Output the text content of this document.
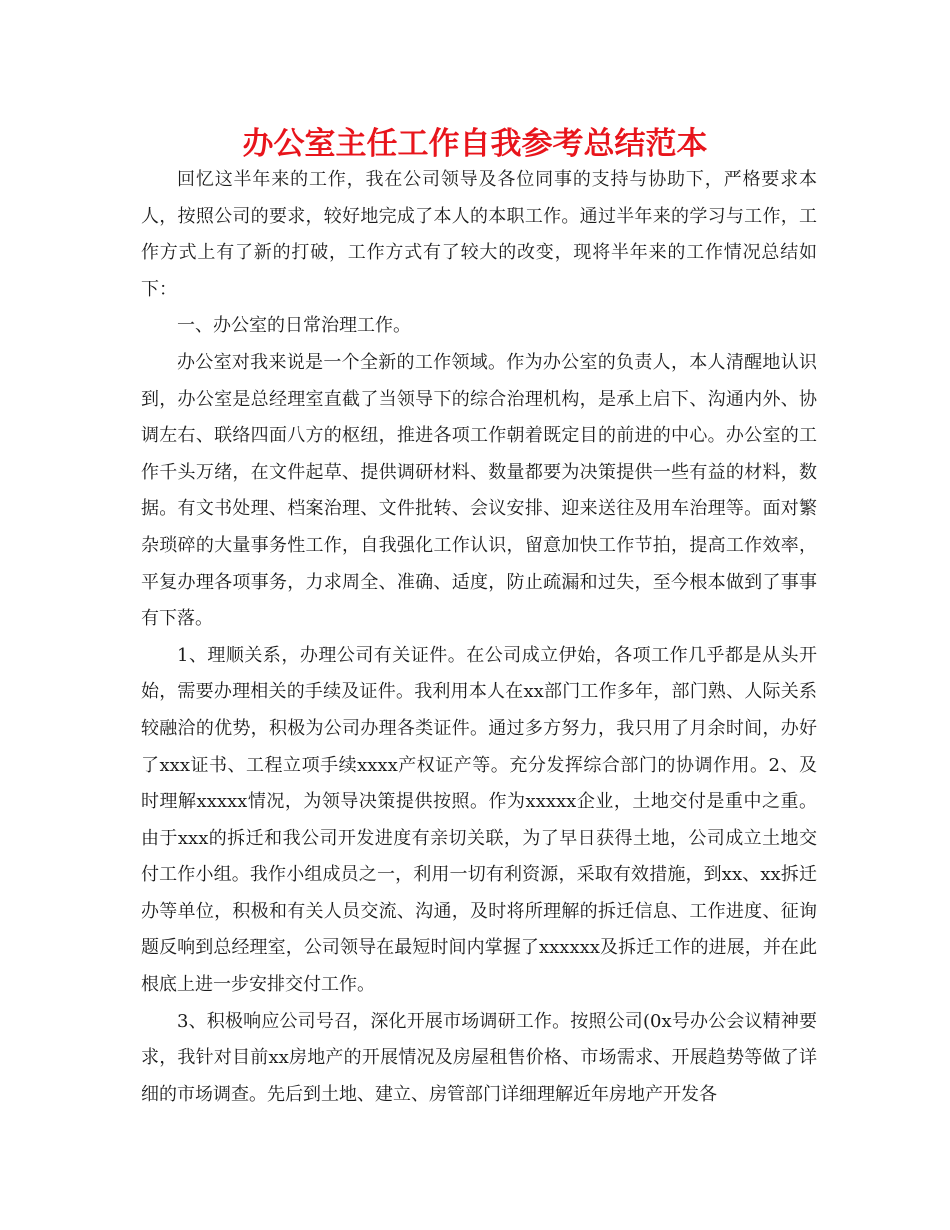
办公室主任工作自我参考总结范本

回忆这半年来的工作，我在公司领导及各位同事的支持与协助下，严格要求本人，按照公司的要求，较好地完成了本人的本职工作。通过半年来的学习与工作，工作方式上有了新的打破，工作方式有了较大的改变，现将半年来的工作情况总结如下：

一、办公室的日常治理工作。

办公室对我来说是一个全新的工作领域。作为办公室的负责人，本人清醒地认识到，办公室是总经理室直截了当领导下的综合治理机构，是承上启下、沟通内外、协调左右、联络四面八方的枢纽，推进各项工作朝着既定目的前进的中心。办公室的工作千头万绪，在文件起草、提供调研材料、数量都要为决策提供一些有益的材料，数据。有文书处理、档案治理、文件批转、会议安排、迎来送往及用车治理等。面对繁杂琐碎的大量事务性工作，自我强化工作认识，留意加快工作节拍，提高工作效率，平复办理各项事务，力求周全、准确、适度，防止疏漏和过失，至今根本做到了事事有下落。

1、理顺关系，办理公司有关证件。在公司成立伊始，各项工作几乎都是从头开始，需要办理相关的手续及证件。我利用本人在xx部门工作多年，部门熟、人际关系较融洽的优势，积极为公司办理各类证件。通过多方努力，我只用了月余时间，办好了xxx证书、工程立项手续xxxx产权证产等。充分发挥综合部门的协调作用。2、及时理解xxxxx情况，为领导决策提供按照。作为xxxxx企业，土地交付是重中之重。由于xxx的拆迁和我公司开发进度有亲切关联，为了早日获得土地，公司成立土地交付工作小组。我作小组成员之一，利用一切有利资源，采取有效措施，到xx、xx拆迁办等单位，积极和有关人员交流、沟通，及时将所理解的拆迁信息、工作进度、征询题反响到总经理室，公司领导在最短时间内掌握了xxxxxx及拆迁工作的进展，并在此根底上进一步安排交付工作。

3、积极响应公司号召，深化开展市场调研工作。按照公司(0x号办公会议精神要求，我针对目前xx房地产的开展情况及房屋租售价格、市场需求、开展趋势等做了详细的市场调查。先后到土地、建立、房管部门详细理解近年房地产开发各
